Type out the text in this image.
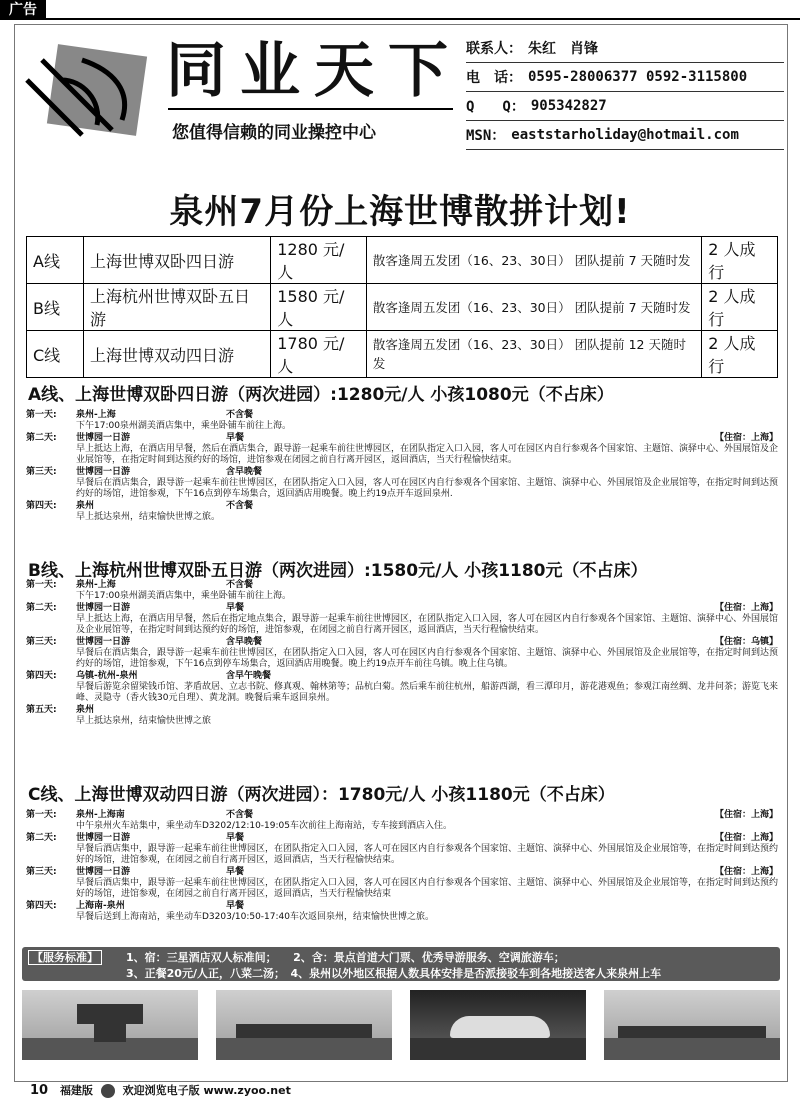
广告
同业天下
您值得信赖的同业操控中心
联系人： 朱红　肖锋
电　话： 0595-28006377 0592-3115800
Q　　Q： 905342827
MSN： eaststarholiday@hotmail.com
泉州7月份上海世博散拼计划!
A线	上海世博双卧四日游	1280 元/人	散客逢周五发团（16、23、30日） 团队提前 7 天随时发	2 人成行
B线	上海杭州世博双卧五日游	1580 元/人	散客逢周五发团（16、23、30日） 团队提前 7 天随时发	2 人成行
C线	上海世博双动四日游	1780 元/人	散客逢周五发团（16、23、30日） 团队提前 12 天随时发	2 人成行
A线、上海世博双卧四日游（两次进园）:1280元/人 小孩1080元（不占床）
第一天:	泉州-上海	不含餐
下午17:00泉州湖美酒店集中，乘坐卧铺车前往上海。
第二天:	世博园一日游	早餐	【住宿：上海】
早上抵达上海，在酒店用早餐，然后在酒店集合，跟导游一起乘车前往世博园区，在团队指定入口入园，客人可在园区内自行参观各个国家馆、主题馆、演驿中心、外国展馆及企业展馆等，在指定时间到达预约好的场馆，进馆参观在闭园之前自行离开园区，返回酒店，当天行程愉快结束。
第三天:	世博园一日游	含早晚餐
早餐后在酒店集合，跟导游一起乘车前往世博园区，在团队指定入口入园，客人可在园区内自行参观各个国家馆、主题馆、演驿中心、外国展馆及企业展馆等，在指定时间到达预约好的场馆，进馆参观，下午16点到停车场集合，返回酒店用晚餐。晚上约19点开车返回泉州.
第四天:	泉州	不含餐
早上抵达泉州，结束愉快世博之旅。
B线、上海杭州世博双卧五日游（两次进园）:1580元/人 小孩1180元（不占床）
第一天:	泉州-上海	不含餐
下午17:00泉州湖美酒店集中，乘坐卧铺车前往上海。
第二天:	世博园一日游	早餐	【住宿：上海】
早上抵达上海，在酒店用早餐，然后在指定地点集合，跟导游一起乘车前往世博园区，在团队指定入口入园，客人可在园区内自行参观各个国家馆、主题馆、演驿中心、外国展馆及企业展馆等，在指定时间到达预约好的场馆，进馆参观，在闭园之前自行离开园区，返回酒店，当天行程愉快结束。
第三天:	世博园一日游	含早晚餐	【住宿：乌镇】
早餐后在酒店集合，跟导游一起乘车前往世博园区，在团队指定入口入园，客人可在园区内自行参观各个国家馆、主题馆、演驿中心、外国展馆及企业展馆等，在指定时间到达预约好的场馆，进馆参观，下午16点到停车场集合，返回酒店用晚餐。晚上约19点开车前往乌镇。晚上住乌镇。
第四天:	乌镇-杭州-泉州	含早午晚餐
早餐后游览余留梁钱币馆、茅盾故居、立志书院、修真观、翰林第等；品杭白菊。然后乘车前往杭州，船游西湖，看三潭印月，游花港观鱼；参观江南丝绸、龙井问茶；游览飞来峰、灵隐寺（香火钱30元自理）、黄龙洞。晚餐后乘车返回泉州。
第五天:	泉州
早上抵达泉州，结束愉快世博之旅
C线、上海世博双动四日游（两次进园）：1780元/人 小孩1180元（不占床）
第一天:	泉州-上海南	不含餐	【住宿：上海】
中午泉州火车站集中，乘坐动车D3202/12:10-19:05车次前往上海南站，专车接到酒店入住。
第二天:	世博园一日游	早餐	【住宿：上海】
早餐后酒店集中，跟导游一起乘车前往世博园区，在团队指定入口入园，客人可在园区内自行参观各个国家馆、主题馆、演驿中心、外国展馆及企业展馆等，在指定时间到达预约好的场馆，进馆参观，在闭园之前自行离开园区，返回酒店，当天行程愉快结束。
第三天:	世博园一日游	早餐	【住宿：上海】
早餐后酒店集中，跟导游一起乘车前往世博园区，在团队指定入口入园，客人可在园区内自行参观各个国家馆、主题馆、演驿中心、外国展馆及企业展馆等，在指定时间到达预约好的场馆，进馆参观，在闭园之前自行离开园区，返回酒店，当天行程愉快结束
第四天:	上海南-泉州	早餐
早餐后送到上海南站，乘坐动车D3203/10:50-17:40车次返回泉州，结束愉快世博之旅。
【服务标准】	1、宿：三星酒店双人标准间；　　2、含：景点首道大门票、优秀导游服务、空调旅游车；
3、正餐20元/人正，八菜二汤；　4、泉州以外地区根据人数具体安排是否派接驳车到各地接送客人来泉州上车
10 福建版	欢迎浏览电子版 www.zyoo.net
